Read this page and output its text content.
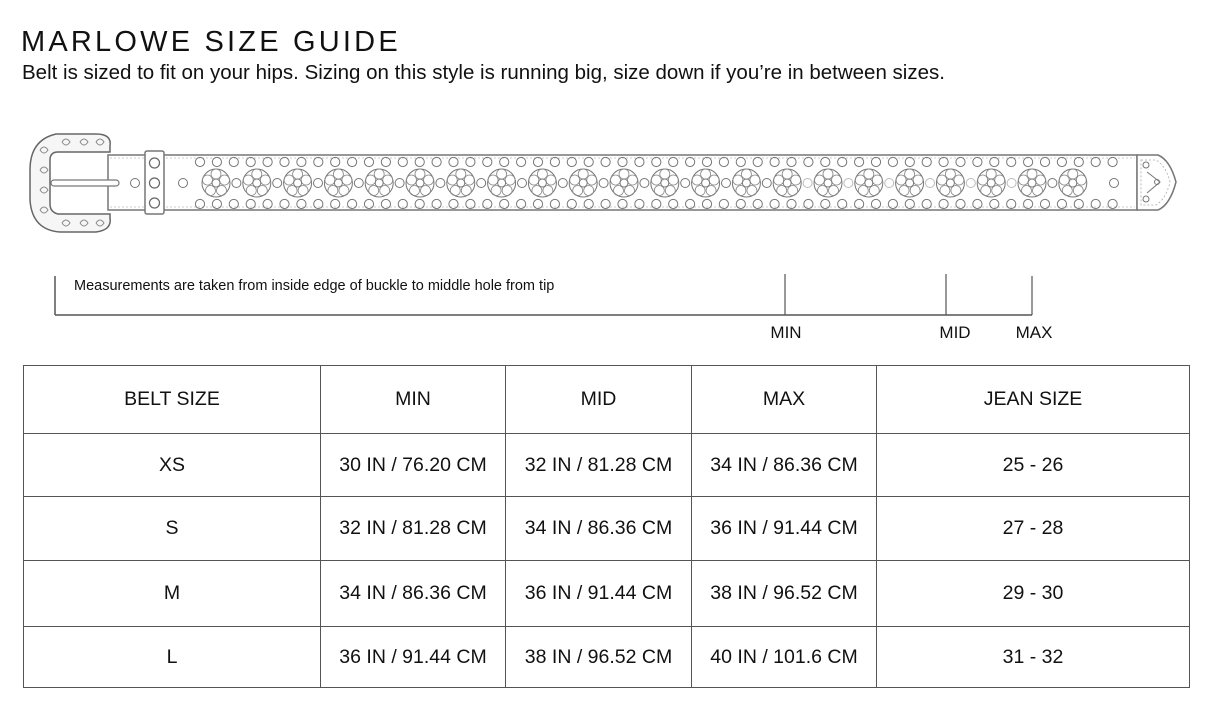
MARLOWE SIZE GUIDE
Belt is sized to fit on your hips. Sizing on this style is running big, size down if you’re in between sizes.
Measurements are taken from inside edge of buckle to middle hole from tip
MIN	MID	MAX
BELT SIZE	MIN	MID	MAX	JEAN SIZE
XS	30 IN / 76.20 CM	32 IN / 81.28 CM	34 IN / 86.36 CM	25 - 26
S	32 IN / 81.28 CM	34 IN / 86.36 CM	36 IN / 91.44 CM	27 - 28
M	34 IN / 86.36 CM	36 IN / 91.44 CM	38 IN / 96.52 CM	29 - 30
L	36 IN / 91.44 CM	38 IN / 96.52 CM	40 IN / 101.6 CM	31 - 32
